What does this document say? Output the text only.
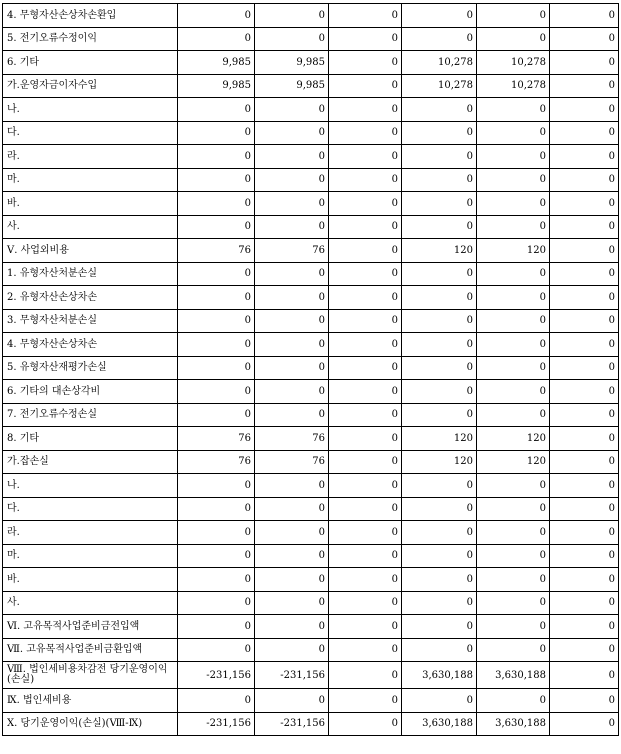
4. 무형자산손상차손환입	0	0	0	0	0	0
5. 전기오류수정이익	0	0	0	0	0	0
6. 기타	9,985	9,985	0	10,278	10,278	0
가.운영자금이자수입	9,985	9,985	0	10,278	10,278	0
나.	0	0	0	0	0	0
다.	0	0	0	0	0	0
라.	0	0	0	0	0	0
마.	0	0	0	0	0	0
바.	0	0	0	0	0	0
사.	0	0	0	0	0	0
Ⅴ. 사업외비용	76	76	0	120	120	0
1. 유형자산처분손실	0	0	0	0	0	0
2. 유형자산손상차손	0	0	0	0	0	0
3. 무형자산처분손실	0	0	0	0	0	0
4. 무형자산손상차손	0	0	0	0	0	0
5. 유형자산재평가손실	0	0	0	0	0	0
6. 기타의 대손상각비	0	0	0	0	0	0
7. 전기오류수정손실	0	0	0	0	0	0
8. 기타	76	76	0	120	120	0
가.잡손실	76	76	0	120	120	0
나.	0	0	0	0	0	0
다.	0	0	0	0	0	0
라.	0	0	0	0	0	0
마.	0	0	0	0	0	0
바.	0	0	0	0	0	0
사.	0	0	0	0	0	0
Ⅵ. 고유목적사업준비금전입액	0	0	0	0	0	0
Ⅶ. 고유목적사업준비금환입액	0	0	0	0	0	0
Ⅷ. 법인세비용차감전 당기운영이익(손실)	-231,156	-231,156	0	3,630,188	3,630,188	0
Ⅸ. 법인세비용	0	0	0	0	0	0
Ⅹ. 당기운영이익(손실)(Ⅷ-Ⅸ)	-231,156	-231,156	0	3,630,188	3,630,188	0
